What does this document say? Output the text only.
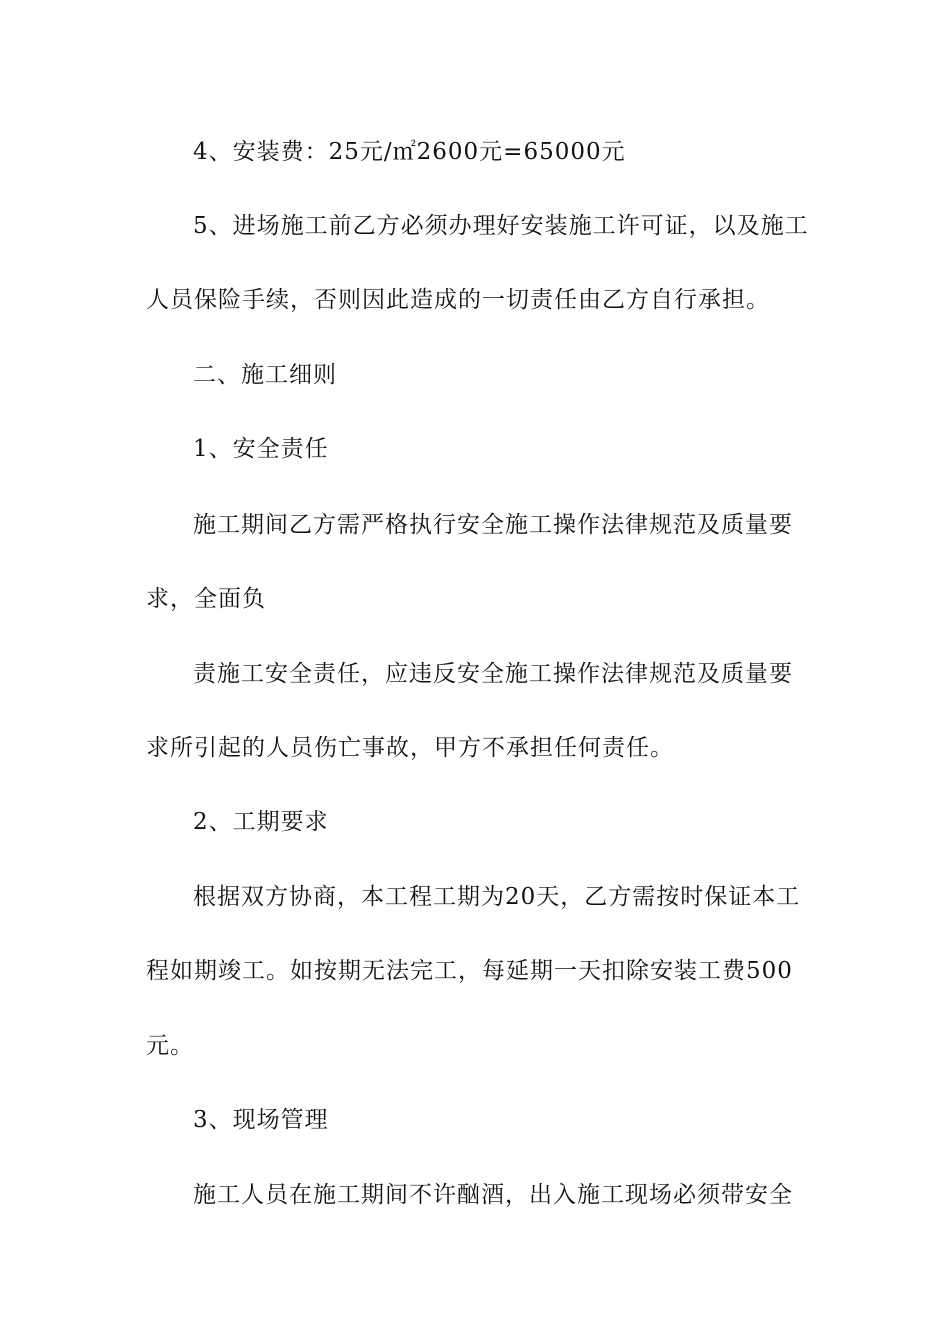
4、安装费：25元/㎡2600元=65000元
5、进场施工前乙方必须办理好安装施工许可证，以及施工
人员保险手续，否则因此造成的一切责任由乙方自行承担。
二、施工细则
1、安全责任
施工期间乙方需严格执行安全施工操作法律规范及质量要
求，全面负
责施工安全责任，应违反安全施工操作法律规范及质量要
求所引起的人员伤亡事故，甲方不承担任何责任。
2、工期要求
根据双方协商，本工程工期为20天，乙方需按时保证本工
程如期竣工。如按期无法完工，每延期一天扣除安装工费500
元。
3、现场管理
施工人员在施工期间不许酗酒，出入施工现场必须带安全
